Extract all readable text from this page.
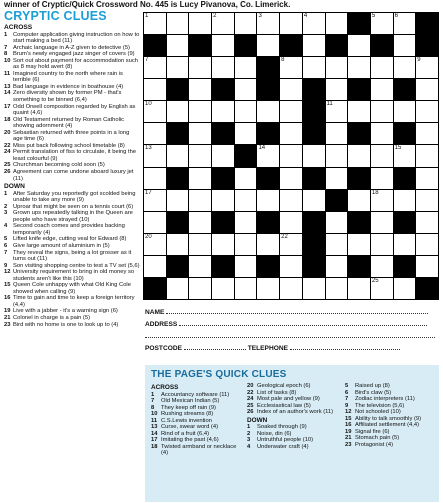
winner of Cryptic/Quick Crossword No. 445 is Lucy Pivanova, Co. Limerick.
CRYPTIC CLUES
ACROSS
1 Computer application giving instruction on how to start making a bed (11)
7 Archaic language in A-Z given to detective (5)
8 Brum's newly engaged jazz singer of covers (9)
10 Sort out about payment for accommodation such as 8 may hold avert (8)
11 Imagined country to the north where rain is terrible (6)
13 Bad language in evidence in boathouse (4)
14 Zero diversity shown by former PM - that's something to be binned (6,4)
17 Odd Orwell composition regarded by English as quaint (4,6)
18 Old Testament returned by Roman Catholic showing adornment (4)
20 Sebastian returned with three points in a long age time (6)
22 Miss put back following school timetable (8)
24 Permit translation of fiss to circulate, it being the least colourful (9)
25 Churchman becoming cold soon (5)
26 Agreement can come undone aboard luxury jet (11)
DOWN
1 After Saturday you reportedly got scolded being unable to take any more (9)
2 Uproar that might be seen on a tennis court (6)
3 Grown ups repeatedly talking in the Queen are people who have strayed (10)
4 Second coach comes and provides backing temporarily (4)
5 Lifted knife edge, cutting veal for Edward (8)
6 Give large amount of aluminium in (5)
7 They reveal the signs, being a lot grosser as it turns out (11)
9 Son visiting shopping centre to test a TV set (5,6)
12 University requirement to bring in old money so students aren't like this (10)
15 Queen Cole unhappy with what Old King Cole showed when calling (9)
16 Time to gain and time to keep a foreign territory (4,4)
19 Live with a jabber - it's a warning sign (6)
21 Colonel in charge is a pain (5)
23 Bird with no home is one to look up to (4)
1	2	3	4	5	6
7	8	9
10	11
13	14	15
17	18
20	22
25
NAME
ADDRESS
POSTCODE	TELEPHONE
THE PAGE'S QUICK CLUES
ACROSS
1	Accountancy software (11)
7	Old Mexican Indian (5)
8	They keep off rain (9)
10 Rushing streams (8)
11 C.S.Lewis invention
13 Curse, swear word (4)
14 Rind of a fruit (6,4)
17 Imitating the past (4,6)
18 Twisted armband or necklace (4)
20 Geological epoch (6)
22 List of tasks (8)
24 Most pale and yellow (9)
25 Ecclesiastical law (5)
26 Index of an author's work (11)
DOWN
1	Soaked through (9)
2	Noise, din (6)
3	Untruthful people (10)
4	Underwater craft (4)
5	Raised up (8)
6	Bird's claw (5)
7	Zodiac interpreters (11)
9	The television (5,6)
12 Not schooled (10)
15 Ability to talk smoothly (9)
16 Affiliated settlement (4,4)
19 Signal fire (6)
21 Stomach pain (5)
23 Protagonist (4)
